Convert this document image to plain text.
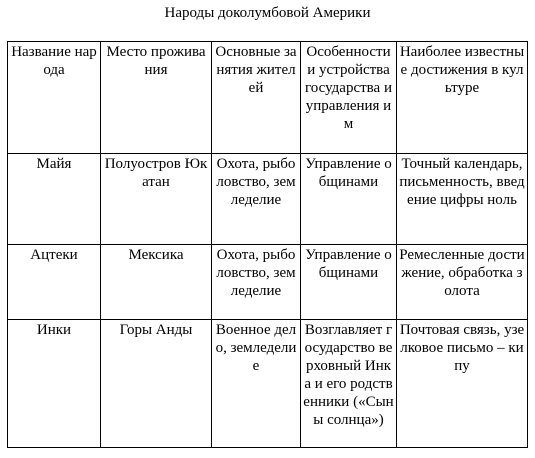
Народы доколумбовой Америки
Название народа	Место проживания	Основные занятия жителей	Особенности и устройства государства и управления им	Наиболее известные достижения в культуре

Майя	Полуостров Юкатан	Охота, рыболовство, земледелие	Управление общинами	Точный календарь, письменность, введение цифры ноль

Ацтеки	Мексика	Охота, рыболовство, земледелие	Управление общинами	Ремесленные достижение, обработка золота

Инки	Горы Анды	Военное дело, земледелие	Возглавляет государство верховный Инка и его родственники («Сыны солнца»)	Почтовая связь, узелковое письмо – кипу
